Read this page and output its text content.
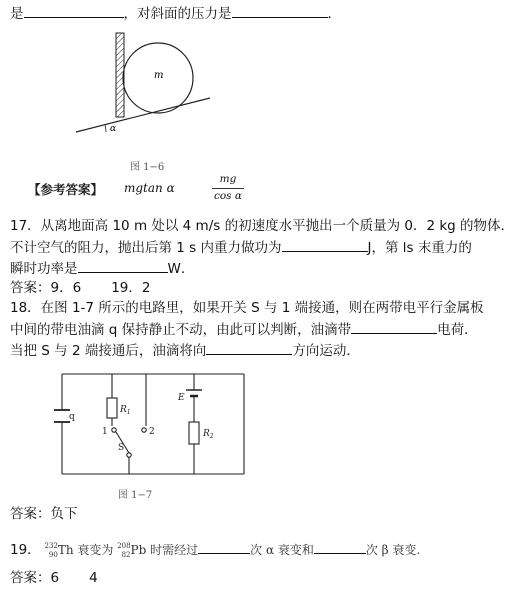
是	，对斜面的压力是	．
m
α
图 1−6
【参考答案】 mgtan α
mg
cos α
17．从离地面高 10 m 处以 4 m/s 的初速度水平抛出一个质量为 0．2 kg 的物体．
不计空气的阻力，抛出后第 1 s 内重力做功为	J，第 ls 末重力的
瞬时功率是	W．
答案：9．6       19．2
18．在图 1-7 所示的电路里，如果开关 S 与 1 端接通，则在两带电平行金属板
中间的带电油滴 q 保持静止不动，由此可以判断，油滴带	电荷．
当把 S 与 2 端接通后，油滴将向	方向运动．
q
$R_1$
$R_2$
E
1	2
S
图 1−7
答案：负下
19． $^{232}_{90}$Th 衰变为 $^{208}_{82}$Pb 时需经过	次 α 衰变和	次 β 衰变.
答案：6       4
